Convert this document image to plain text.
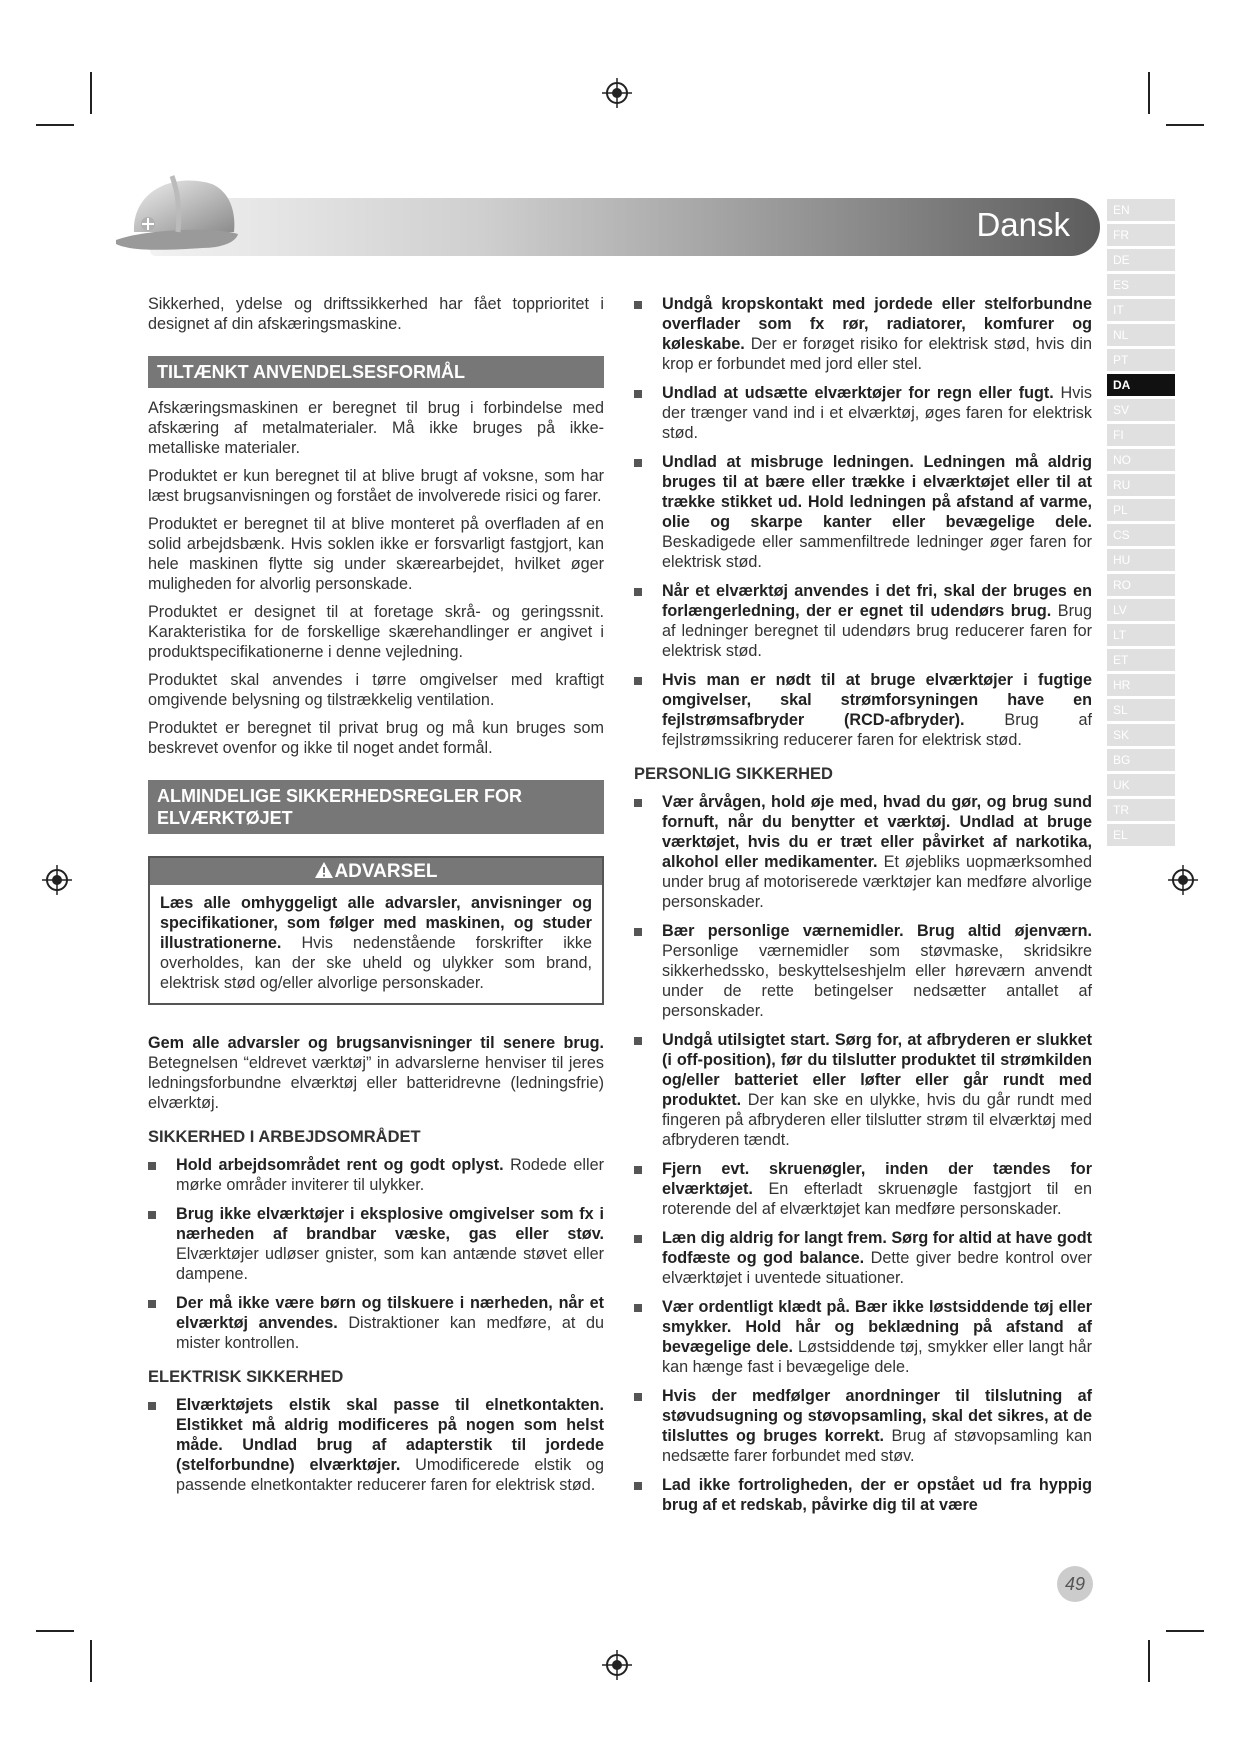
Dansk	EN
FR
DE
ES
IT
NL
PT
DA
SV
FI
NO
RU
PL
CS
HU
RO
LV
LT
ET
HR
SL
SK
BG
UK
TR
EL

Sikkerhed, ydelse og driftssikkerhed har fået topprioritet i designet af din afskæringsmaskine.

TILTÆNKT ANVENDELSESFORMÅL

Afskæringsmaskinen er beregnet til brug i forbindelse med afskæring af metalmaterialer. Må ikke bruges på ikke-metalliske materialer.

Produktet er kun beregnet til at blive brugt af voksne, som har læst brugsanvisningen og forstået de involverede risici og farer.

Produktet er beregnet til at blive monteret på overfladen af en solid arbejdsbænk. Hvis soklen ikke er forsvarligt fastgjort, kan hele maskinen flytte sig under skærearbejdet, hvilket øger muligheden for alvorlig personskade.

Produktet er designet til at foretage skrå- og geringssnit. Karakteristika for de forskellige skærehandlinger er angivet i produktspecifikationerne i denne vejledning.

Produktet skal anvendes i tørre omgivelser med kraftigt omgivende belysning og tilstrækkelig ventilation.

Produktet er beregnet til privat brug og må kun bruges som beskrevet ovenfor og ikke til noget andet formål.

ALMINDELIGE SIKKERHEDSREGLER FOR ELVÆRKTØJET
ADVARSEL
Læs alle omhyggeligt alle advarsler, anvisninger og specifikationer, som følger med maskinen, og studer illustrationerne. Hvis nedenstående forskrifter ikke overholdes, kan der ske uheld og ulykker som brand, elektrisk stød og/eller alvorlige personskader.

Gem alle advarsler og brugsanvisninger til senere brug. Betegnelsen “eldrevet værktøj” in advarslerne henviser til jeres ledningsforbundne elværktøj eller batteridrevne (ledningsfrie) elværktøj.

SIKKERHED I ARBEJDSOMRÅDET
Hold arbejdsområdet rent og godt oplyst. Rodede eller mørke områder inviterer til ulykker.
Brug ikke elværktøjer i eksplosive omgivelser som fx i nærheden af brandbar væske, gas eller støv. Elværktøjer udløser gnister, som kan antænde støvet eller dampene.
Der må ikke være børn og tilskuere i nærheden, når et elværktøj anvendes. Distraktioner kan medføre, at du mister kontrollen.
ELEKTRISK SIKKERHED
Elværktøjets elstik skal passe til elnetkontakten. Elstikket må aldrig modificeres på nogen som helst måde. Undlad brug af adapterstik til jordede (stelforbundne) elværktøjer. Umodificerede elstik og passende elnetkontakter reducerer faren for elektrisk stød.
Undgå kropskontakt med jordede eller stelforbundne overflader som fx rør, radiatorer, komfurer og køleskabe. Der er forøget risiko for elektrisk stød, hvis din krop er forbundet med jord eller stel.
Undlad at udsætte elværktøjer for regn eller fugt. Hvis der trænger vand ind i et elværktøj, øges faren for elektrisk stød.
Undlad at misbruge ledningen. Ledningen må aldrig bruges til at bære eller trække i elværktøjet eller til at trække stikket ud. Hold ledningen på afstand af varme, olie og skarpe kanter eller bevægelige dele. Beskadigede eller sammenfiltrede ledninger øger faren for elektrisk stød.
Når et elværktøj anvendes i det fri, skal der bruges en forlængerledning, der er egnet til udendørs brug. Brug af ledninger beregnet til udendørs brug reducerer faren for elektrisk stød.
Hvis man er nødt til at bruge elværktøjer i fugtige omgivelser, skal strømforsyningen have en fejlstrømsafbryder (RCD-afbryder). Brug af fejlstrømssikring reducerer faren for elektrisk stød.
PERSONLIG SIKKERHED
Vær årvågen, hold øje med, hvad du gør, og brug sund fornuft, når du benytter et værktøj. Undlad at bruge værktøjet, hvis du er træt eller påvirket af narkotika, alkohol eller medikamenter. Et øjebliks uopmærksomhed under brug af motoriserede værktøjer kan medføre alvorlige personskader.
Bær personlige værnemidler. Brug altid øjenværn. Personlige værnemidler som støvmaske, skridsikre sikkerhedssko, beskyttelseshjelm eller høreværn anvendt under de rette betingelser nedsætter antallet af personskader.
Undgå utilsigtet start. Sørg for, at afbryderen er slukket (i off-position), før du tilslutter produktet til strømkilden og/eller batteriet eller løfter eller går rundt med produktet. Der kan ske en ulykke, hvis du går rundt med fingeren på afbryderen eller tilslutter strøm til elværktøj med afbryderen tændt.
Fjern evt. skruenøgler, inden der tændes for elværktøjet. En efterladt skruenøgle fastgjort til en roterende del af elværktøjet kan medføre personskader.
Læn dig aldrig for langt frem. Sørg for altid at have godt fodfæste og god balance. Dette giver bedre kontrol over elværktøjet i uventede situationer.
Vær ordentligt klædt på. Bær ikke løstsiddende tøj eller smykker. Hold hår og beklædning på afstand af bevægelige dele. Løstsiddende tøj, smykker eller langt hår kan hænge fast i bevægelige dele.
Hvis der medfølger anordninger til tilslutning af støvudsugning og støvopsamling, skal det sikres, at de tilsluttes og bruges korrekt. Brug af støvopsamling kan nedsætte farer forbundet med støv.
Lad ikke fortroligheden, der er opstået ud fra hyppig brug af et redskab, påvirke dig til at være
49
